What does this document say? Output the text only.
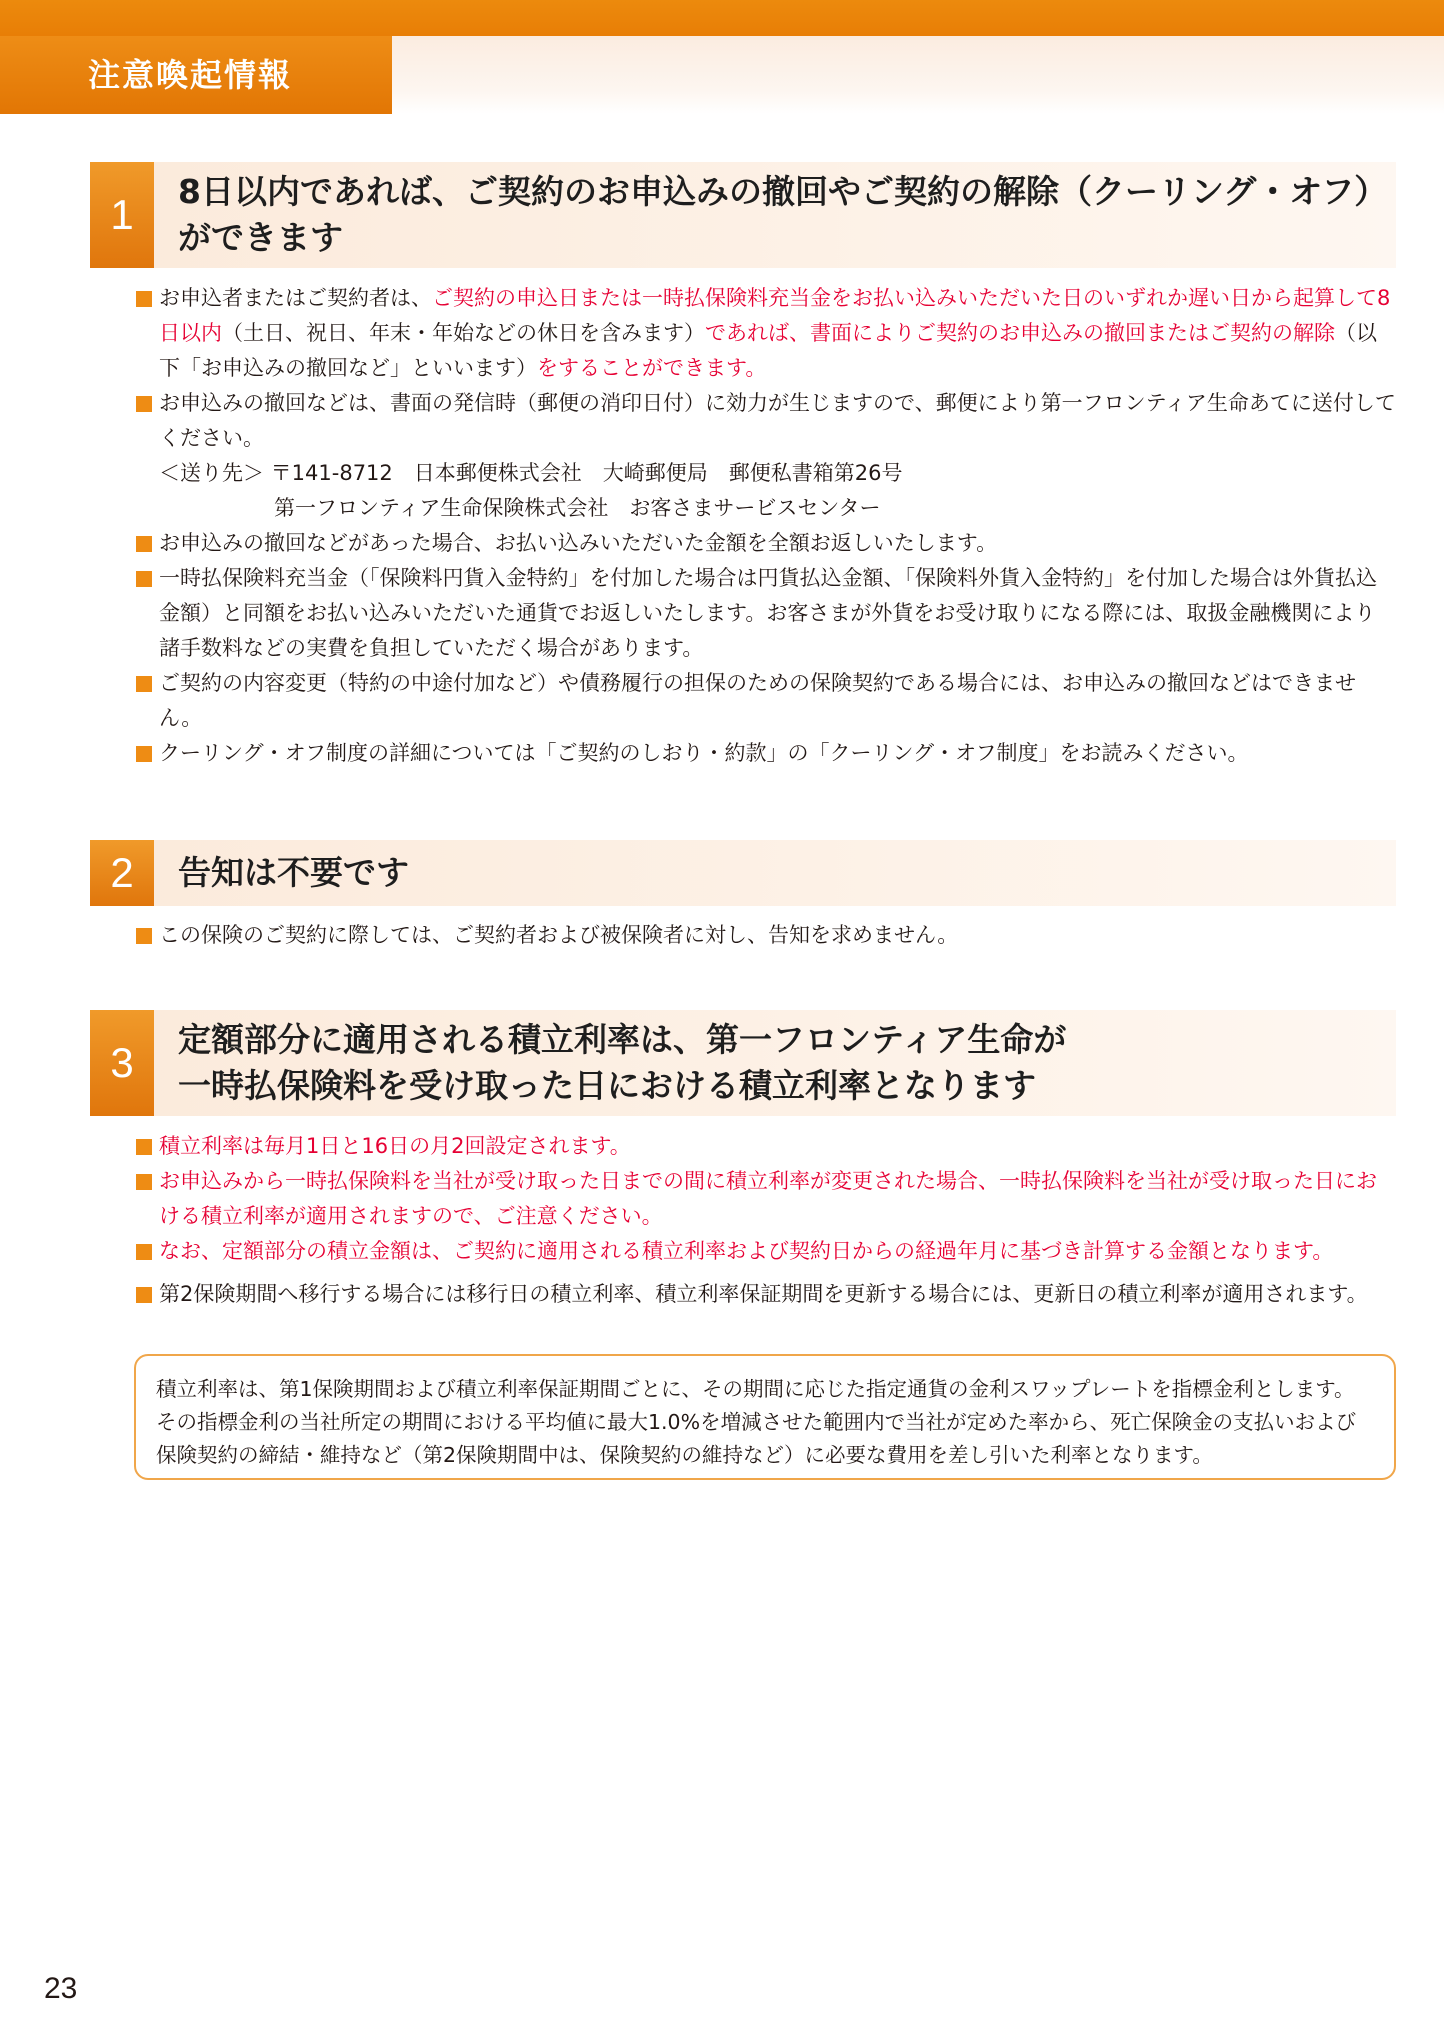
注意喚起情報
1	8日以内であれば、ご契約のお申込みの撤回やご契約の解除（クーリング・オフ）
ができます
お申込者またはご契約者は、ご契約の申込日または一時払保険料充当金をお払い込みいただいた日のいずれか遅い日から起算して8日以内（土日、祝日、年末・年始などの休日を含みます）であれば、書面によりご契約のお申込みの撤回またはご契約の解除（以下「お申込みの撤回など」といいます）をすることができます。
お申込みの撤回などは、書面の発信時（郵便の消印日付）に効力が生じますので、郵便により第一フロンティア生命あてに送付してください。
＜送り先＞ 〒141-8712　日本郵便株式会社　大崎郵便局　郵便私書箱第26号
第一フロンティア生命保険株式会社　お客さまサービスセンター
お申込みの撤回などがあった場合、お払い込みいただいた金額を全額お返しいたします。
一時払保険料充当金（「保険料円貨入金特約」を付加した場合は円貨払込金額、「保険料外貨入金特約」を付加した場合は外貨払込金額）と同額をお払い込みいただいた通貨でお返しいたします。お客さまが外貨をお受け取りになる際には、取扱金融機関により諸手数料などの実費を負担していただく場合があります。
ご契約の内容変更（特約の中途付加など）や債務履行の担保のための保険契約である場合には、お申込みの撤回などはできません。
クーリング・オフ制度の詳細については「ご契約のしおり・約款」の「クーリング・オフ制度」をお読みください。
2	告知は不要です
この保険のご契約に際しては、ご契約者および被保険者に対し、告知を求めません。
3	定額部分に適用される積立利率は、第一フロンティア生命が
一時払保険料を受け取った日における積立利率となります
積立利率は毎月1日と16日の月2回設定されます。
お申込みから一時払保険料を当社が受け取った日までの間に積立利率が変更された場合、一時払保険料を当社が受け取った日における積立利率が適用されますので、ご注意ください。
なお、定額部分の積立金額は、ご契約に適用される積立利率および契約日からの経過年月に基づき計算する金額となります。
第2保険期間へ移行する場合には移行日の積立利率、積立利率保証期間を更新する場合には、更新日の積立利率が適用されます。
積立利率は、第1保険期間および積立利率保証期間ごとに、その期間に応じた指定通貨の金利スワップレートを指標金利とします。その指標金利の当社所定の期間における平均値に最大1.0%を増減させた範囲内で当社が定めた率から、死亡保険金の支払いおよび保険契約の締結・維持など（第2保険期間中は、保険契約の維持など）に必要な費用を差し引いた利率となります。
23
